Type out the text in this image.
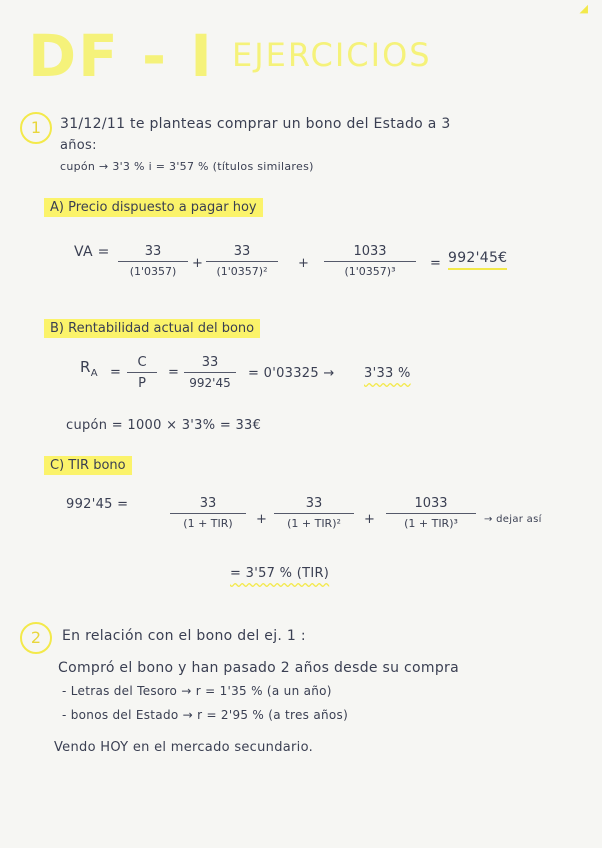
◢
DF - I EJERCICIOS
1	31/12/11 te planteas comprar un bono del Estado a 3
años:
cupón → 3'3 % i = 3'57 % (títulos similares)
A) Precio dispuesto a pagar hoy
VA =	33
(1'0357)
+
33
(1'0357)²
+
1033
(1'0357)³
= 992'45€
B) Rentabilidad actual del bono
$R_A$ =
C
P
=
33
992'45
= 0'03325 → 3'33 %
cupón = 1000 × 3'3% = 33€
C) TIR bono
992'45 =	33
(1 + TIR)	+
33
(1 + TIR)²	+
1033
(1 + TIR)³	→ dejar así
= 3'57 % (TIR)
2	En relación con el bono del ej. 1 :
Compró el bono y han pasado 2 años desde su compra
- Letras del Tesoro → r = 1'35 % (a un año)
- bonos del Estado → r = 2'95 % (a tres años)
Vendo HOY en el mercado secundario.
